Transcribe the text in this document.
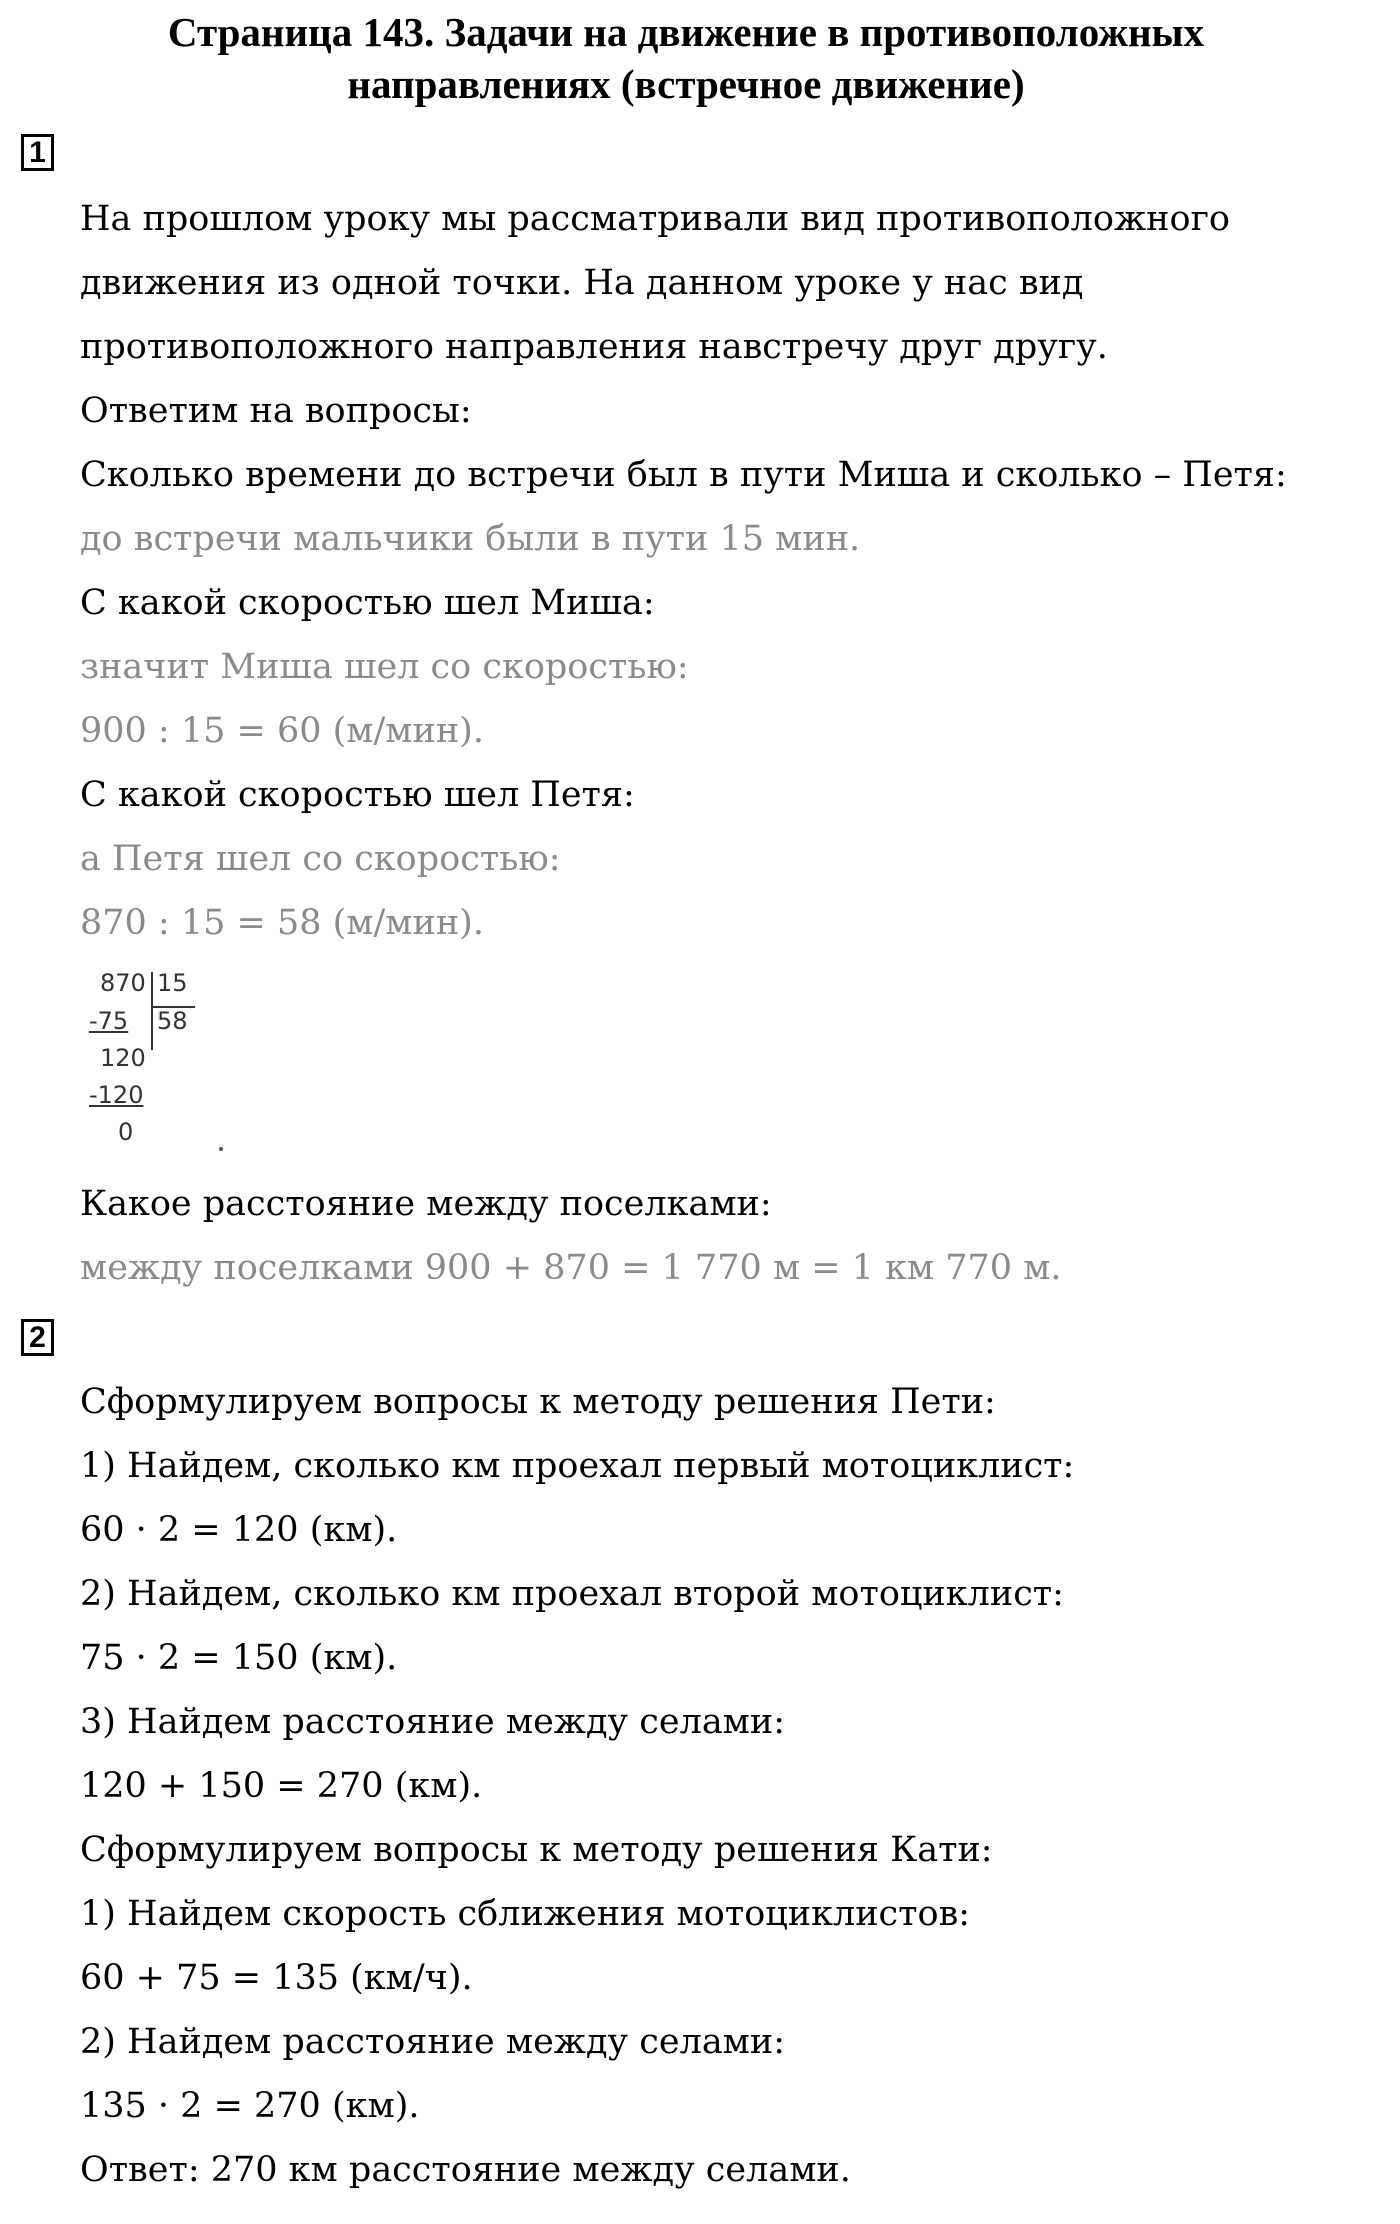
Страница 143. Задачи на движение в противоположных
направлениях (встречное движение)
1
На прошлом уроку мы рассматривали вид противоположного
движения из одной точки. На данном уроке у нас вид
противоположного направления навстречу друг другу.
Ответим на вопросы:
Сколько времени до встречи был в пути Миша и сколько – Петя:
до встречи мальчики были в пути 15 мин.
С какой скоростью шел Миша:
значит Миша шел со скоростью:
900 : 15 = 60 (м/мин).
С какой скоростью шел Петя:
а Петя шел со скоростью:
870 : 15 = 58 (м/мин).
870 15
-75 58
120
-120
0
Какое расстояние между поселками:
между поселками 900 + 870 = 1 770 м = 1 км 770 м.
2
Сформулируем вопросы к методу решения Пети:
1) Найдем, сколько км проехал первый мотоциклист:
60 · 2 = 120 (км).
2) Найдем, сколько км проехал второй мотоциклист:
75 · 2 = 150 (км).
3) Найдем расстояние между селами:
120 + 150 = 270 (км).
Сформулируем вопросы к методу решения Кати:
1) Найдем скорость сближения мотоциклистов:
60 + 75 = 135 (км/ч).
2) Найдем расстояние между селами:
135 · 2 = 270 (км).
Ответ: 270 км расстояние между селами.
